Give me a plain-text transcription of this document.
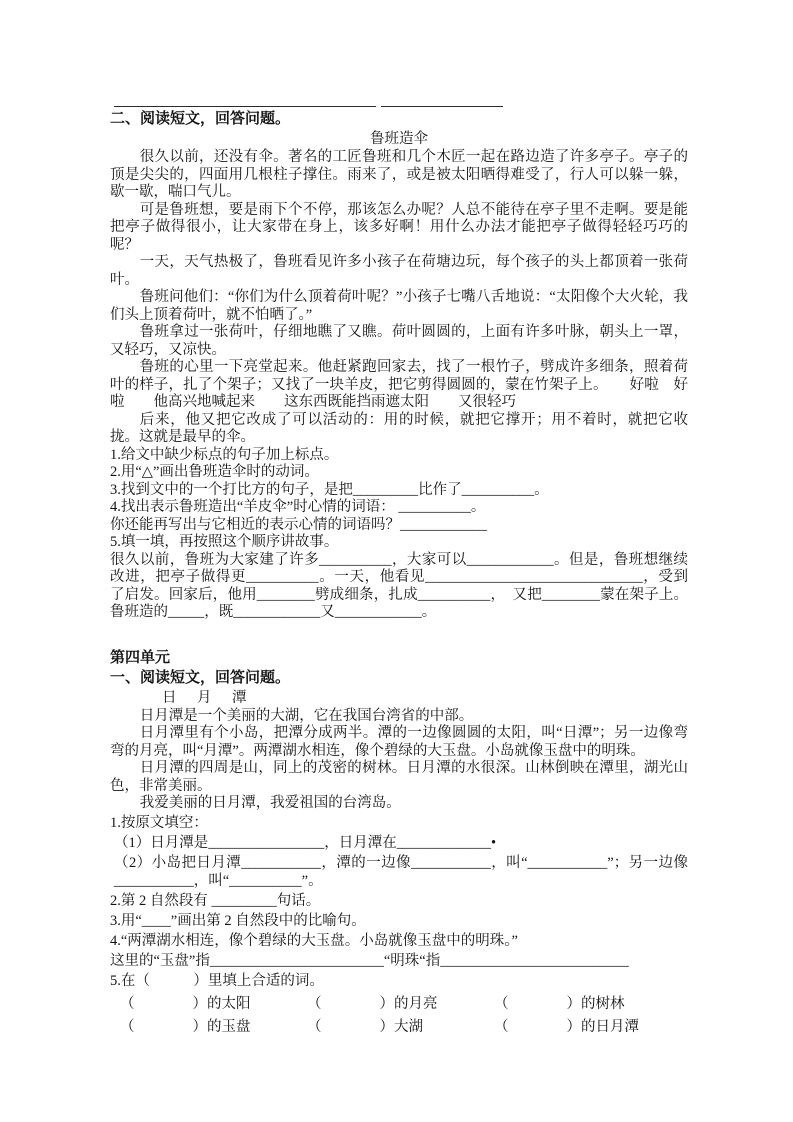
二、阅读短文，回答问题。
鲁班造伞

很久以前，还没有伞。著名的工匠鲁班和几个木匠一起在路边造了许多亭子。亭子的顶是尖尖的，四面用几根柱子撑住。雨来了，或是被太阳晒得难受了，行人可以躲一躲，歇一歇，喘口气儿。

可是鲁班想，要是雨下个不停，那该怎么办呢？人总不能待在亭子里不走啊。要是能把亭子做得很小，让大家带在身上，该多好啊！用什么办法才能把亭子做得轻轻巧巧的呢？

一天，天气热极了，鲁班看见许多小孩子在荷塘边玩，每个孩子的头上都顶着一张荷叶。

鲁班问他们：“你们为什么顶着荷叶呢？”小孩子七嘴八舌地说：“太阳像个大火轮，我们头上顶着荷叶，就不怕晒了。”

鲁班拿过一张荷叶，仔细地瞧了又瞧。荷叶圆圆的，上面有许多叶脉，朝头上一罩，又轻巧，又凉快。

鲁班的心里一下亮堂起来。他赶紧跑回家去，找了一根竹子，劈成许多细条，照着荷叶的样子，扎了个架子；又找了一块羊皮，把它剪得圆圆的，蒙在竹架子上。　　好啦　好啦　　他高兴地喊起来　　这东西既能挡雨遮太阳　　又很轻巧

后来，他又把它改成了可以活动的：用的时候，就把它撑开；用不着时，就把它收拢。这就是最早的伞。

1.给文中缺少标点的句子加上标点。
2.用“△”画出鲁班造伞时的动词。
3.找到文中的一个打比方的句子，是把_________比作了__________。
4.找出表示鲁班造出“羊皮伞”时心情的词语： __________。
你还能再写出与它相近的表示心情的词语吗？____________
5.填一填，再按照这个顺序讲故事。

很久以前，鲁班为大家建了许多__________，大家可以____________。但是，鲁班想继续改进，把亭子做得更__________。一天，他看见______________________________，受到了启发。回家后，他用________劈成细条，扎成__________，　又把________蒙在架子上。鲁班造的_____，既____________又____________。

第四单元
一、阅读短文，回答问题。
日　月　潭

日月潭是一个美丽的大湖，它在我国台湾省的中部。

日月潭里有个小岛，把潭分成两半。潭的一边像圆圆的太阳，叫“日潭”；另一边像弯弯的月亮，叫“月潭”。两潭湖水相连，像个碧绿的大玉盘。小岛就像玉盘中的明珠。

日月潭的四周是山，同上的茂密的树林。日月潭的水很深。山林倒映在潭里，湖光山色，非常美丽。

我爱美丽的日月潭，我爱祖国的台湾岛。

1.按原文填空：
（1）日月潭是________________，日月潭在_____________•

（2）小岛把日月潭___________，潭的一边像___________，叫“___________”；另一边像___________，叫“__________”。

2.第 2 自然段有 _________句话。
3.用“____”画出第 2 自然段中的比喻句。
4.“两潭湖水相连，像个碧绿的大玉盘。小岛就像玉盘中的明珠。”
这里的“玉盘”指________________________“明珠“指__________________________
5.在（　　　）里填上合适的词。
（　　　　）的太阳	（　　　　）的月亮	（　　　　）的树林
（　　　　）的玉盘	（　　　　）大湖	（　　　　）的日月潭
